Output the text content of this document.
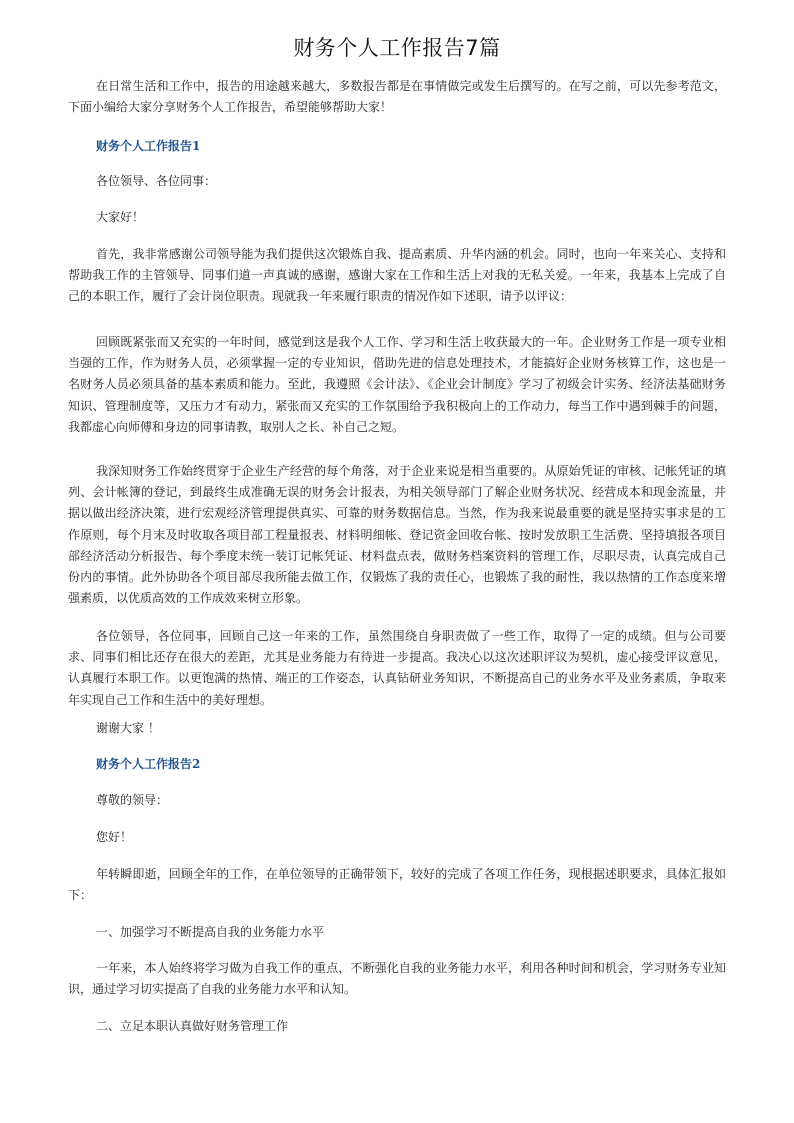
财务个人工作报告7篇

在日常生活和工作中，报告的用途越来越大，多数报告都是在事情做完或发生后撰写的。在写之前，可以先参考范文，下面小编给大家分享财务个人工作报告，希望能够帮助大家！

财务个人工作报告1

各位领导、各位同事：

大家好！

首先，我非常感谢公司领导能为我们提供这次锻炼自我、提高素质、升华内涵的机会。同时，也向一年来关心、支持和帮助我工作的主管领导、同事们道一声真诚的感谢，感谢大家在工作和生活上对我的无私关爱。一年来，我基本上完成了自己的本职工作，履行了会计岗位职责。现就我一年来履行职责的情况作如下述职，请予以评议：

回顾既紧张而又充实的一年时间，感觉到这是我个人工作、学习和生活上收获最大的一年。企业财务工作是一项专业相当强的工作，作为财务人员，必须掌握一定的专业知识，借助先进的信息处理技术，才能搞好企业财务核算工作，这也是一名财务人员必须具备的基本素质和能力。至此，我遵照《会计法》、《企业会计制度》学习了初级会计实务、经济法基础财务知识、管理制度等，又压力才有动力，紧张而又充实的工作氛围给予我积极向上的工作动力，每当工作中遇到棘手的问题，我都虚心向师傅和身边的同事请教，取别人之长、补自己之短。

我深知财务工作始终贯穿于企业生产经营的每个角落，对于企业来说是相当重要的。从原始凭证的审核、记帐凭证的填列、会计帐簿的登记，到最终生成准确无误的财务会计报表，为相关领导部门了解企业财务状况、经营成本和现金流量，并据以做出经济决策，进行宏观经济管理提供真实、可靠的财务数据信息。当然，作为我来说最重要的就是坚持实事求是的工作原则，每个月末及时收取各项目部工程量报表、材料明细帐、登记资金回收台帐、按时发放职工生活费、坚持填报各项目部经济活动分析报告、每个季度末统一装订记帐凭证、材料盘点表，做财务档案资料的管理工作，尽职尽责，认真完成自己份内的事情。此外协助各个项目部尽我所能去做工作，仅锻炼了我的责任心，也锻炼了我的耐性，我以热情的工作态度来增强素质，以优质高效的工作成效来树立形象。

各位领导，各位同事，回顾自己这一年来的工作，虽然围绕自身职责做了一些工作，取得了一定的成绩。但与公司要求、同事们相比还存在很大的差距，尤其是业务能力有待进一步提高。我决心以这次述职评议为契机，虚心接受评议意见，认真履行本职工作。以更饱满的热情、端正的工作姿态，认真钻研业务知识，不断提高自己的业务水平及业务素质，争取来年实现自己工作和生活中的美好理想。

谢谢大家 ！

财务个人工作报告2

尊敬的领导：

您好！

年转瞬即逝，回顾全年的工作，在单位领导的正确带领下，较好的完成了各项工作任务，现根据述职要求，具体汇报如下：

一、加强学习不断提高自我的业务能力水平

一年来，本人始终将学习做为自我工作的重点，不断强化自我的业务能力水平，利用各种时间和机会，学习财务专业知识，通过学习切实提高了自我的业务能力水平和认知。

二、立足本职认真做好财务管理工作
